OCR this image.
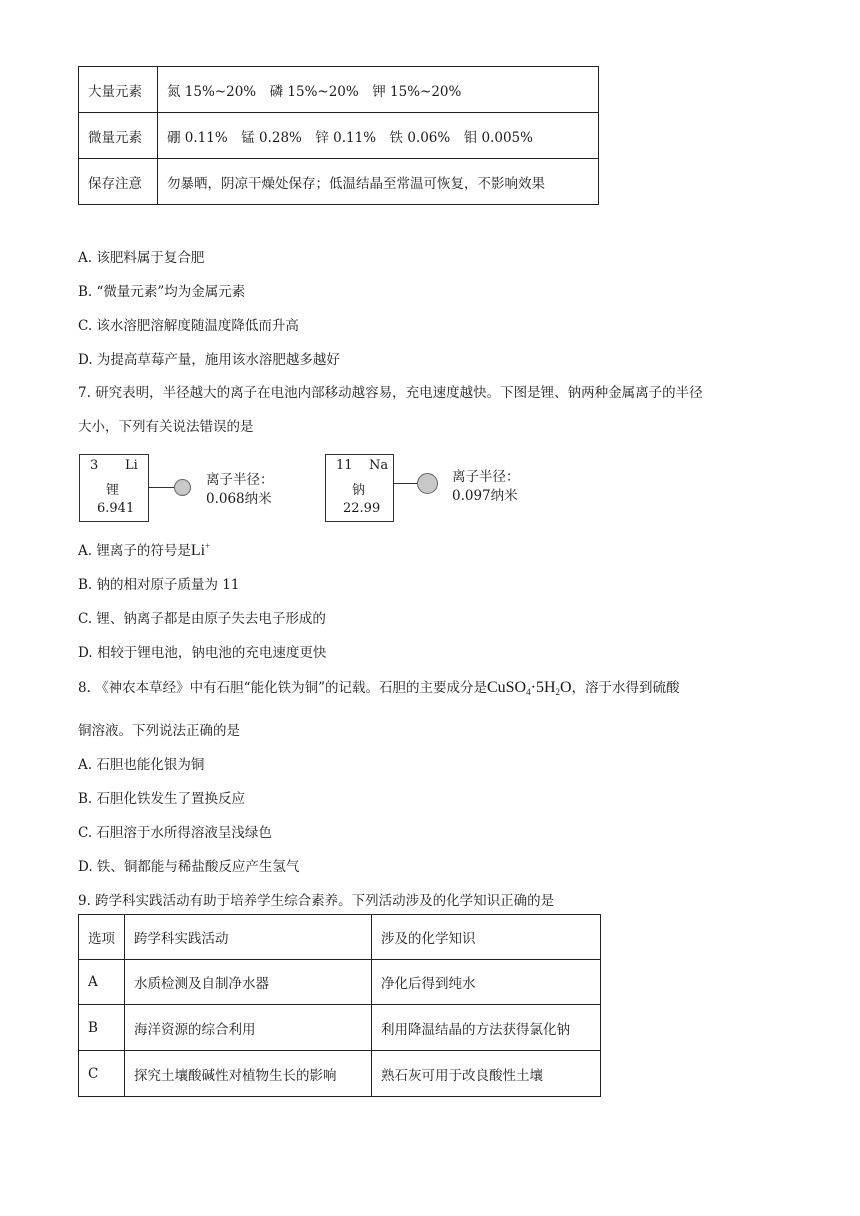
大量元素	氮 15%~20%　磷 15%~20%　钾 15%~20%
微量元素	硼 0.11%　锰 0.28%　锌 0.11%　铁 0.06%　钼 0.005%
保存注意	勿暴晒，阴凉干燥处保存；低温结晶至常温可恢复，不影响效果
A. 该肥料属于复合肥
B. “微量元素”均为金属元素
C. 该水溶肥溶解度随温度降低而升高
D. 为提高草莓产量，施用该水溶肥越多越好
7. 研究表明，半径越大的离子在电池内部移动越容易，充电速度越快。下图是锂、钠两种金属离子的半径
大小，下列有关说法错误的是
3 Li
锂
6.941
离子半径：
0.068纳米
11 Na
钠
22.99
离子半径：
0.097纳米
A. 锂离子的符号是Li+
B. 钠的相对原子质量为 11
C. 锂、钠离子都是由原子失去电子形成的
D. 相较于锂电池，钠电池的充电速度更快
8. 《神农本草经》中有石胆“能化铁为铜”的记载。石胆的主要成分是$CuSO_4\cdot 5H_2O$，溶于水得到硫酸
铜溶液。下列说法正确的是
A. 石胆也能化银为铜
B. 石胆化铁发生了置换反应
C. 石胆溶于水所得溶液呈浅绿色
D. 铁、铜都能与稀盐酸反应产生氢气
9. 跨学科实践活动有助于培养学生综合素养。下列活动涉及的化学知识正确的是
选项	跨学科实践活动	涉及的化学知识
A	水质检测及自制净水器	净化后得到纯水
B	海洋资源的综合利用	利用降温结晶的方法获得氯化钠
C	探究土壤酸碱性对植物生长的影响	熟石灰可用于改良酸性土壤
